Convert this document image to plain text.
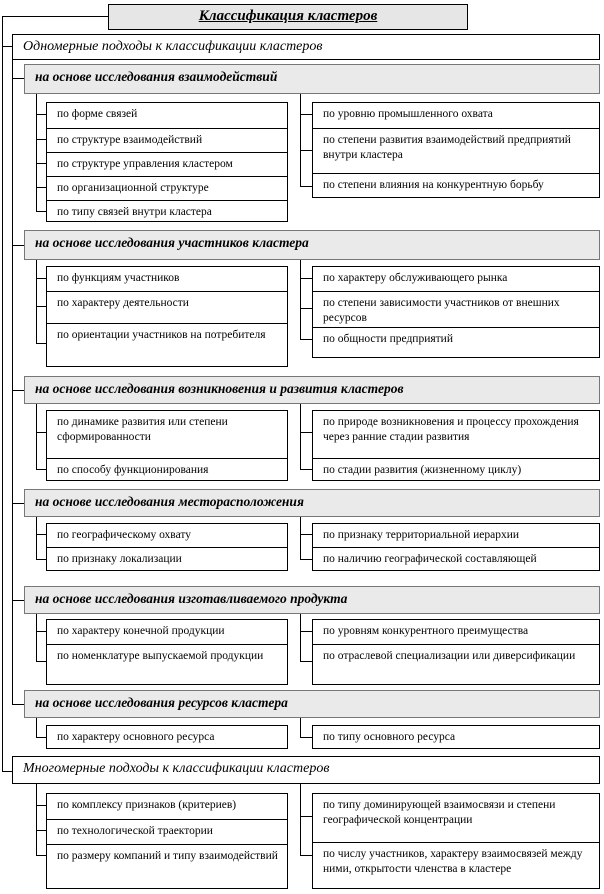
Классификация кластеров
Одномерные подходы к классификации кластеров
на основе исследования взаимодействий
на основе исследования участников кластера
на основе исследования возникновения и развития кластеров
на основе исследования месторасположения
на основе исследования изготавливаемого продукта
на основе исследования ресурсов кластера
Многомерные подходы к классификации кластеров
по форме связей
по структуре взаимодействий
по структуре управления кластером
по организационной структуре
по типу связей внутри кластера
по уровню промышленного охвата
по степени развития взаимодействий предприятий внутри кластера
по степени влияния на конкурентную борьбу
по функциям участников
по характеру деятельности
по ориентации участников на потребителя
по характеру обслуживающего рынка
по степени зависимости участников от внешних ресурсов
по общности предприятий
по динамике развития или степени сформированности
по способу функционирования
по природе возникновения и процессу прохождения через ранние стадии развития
по стадии развития (жизненному циклу)
по географическому охвату
по признаку локализации
по признаку территориальной иерархии
по наличию географической составляющей
по характеру конечной продукции
по номенклатуре выпускаемой продукции
по уровням конкурентного преимущества
по отраслевой специализации или диверсификации
по характеру основного ресурса	по типу основного ресурса
по комплексу признаков (критериев)
по технологической траектории
по размеру компаний и типу взаимодействий
по типу доминирующей взаимосвязи и степени географической концентрации
по числу участников, характеру взаимосвязей между ними, открытости членства в кластере
